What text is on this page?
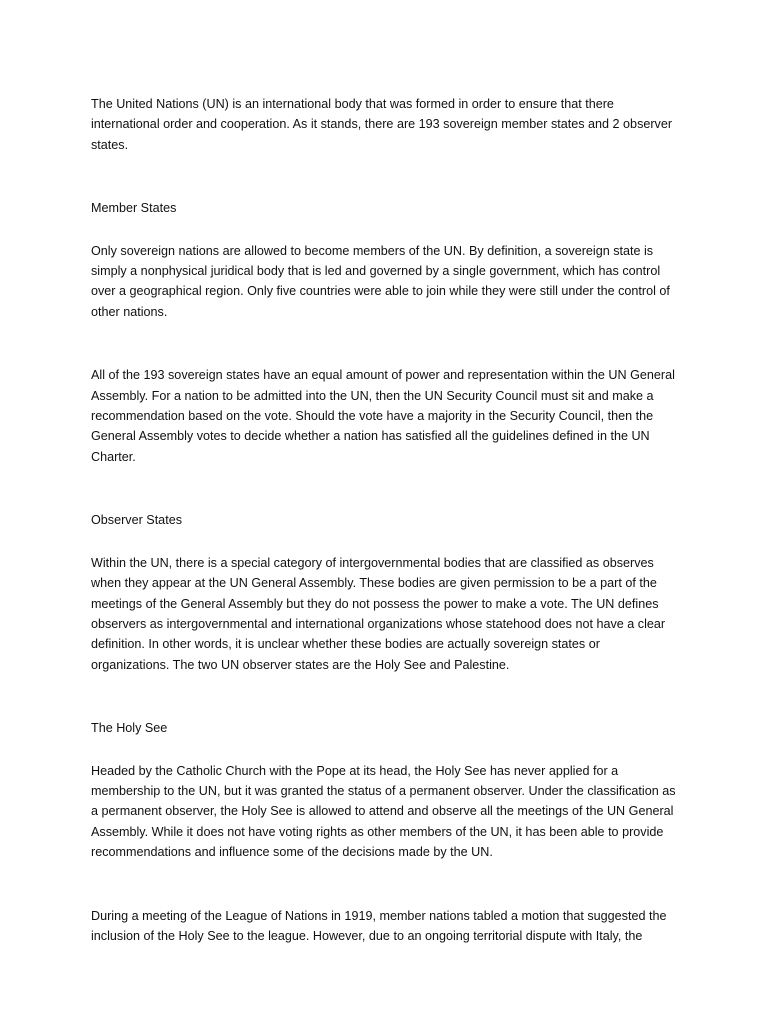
The United Nations (UN) is an international body that was formed in order to ensure that there international order and cooperation. As it stands, there are 193 sovereign member states and 2 observer states.

Member States

Only sovereign nations are allowed to become members of the UN. By definition, a sovereign state is simply a nonphysical juridical body that is led and governed by a single government, which has control over a geographical region. Only five countries were able to join while they were still under the control of other nations.

All of the 193 sovereign states have an equal amount of power and representation within the UN General Assembly. For a nation to be admitted into the UN, then the UN Security Council must sit and make a recommendation based on the vote. Should the vote have a majority in the Security Council, then the General Assembly votes to decide whether a nation has satisfied all the guidelines defined in the UN Charter.

Observer States

Within the UN, there is a special category of intergovernmental bodies that are classified as observes when they appear at the UN General Assembly. These bodies are given permission to be a part of the meetings of the General Assembly but they do not possess the power to make a vote. The UN defines observers as intergovernmental and international organizations whose statehood does not have a clear definition. In other words, it is unclear whether these bodies are actually sovereign states or organizations. The two UN observer states are the Holy See and Palestine.

The Holy See

Headed by the Catholic Church with the Pope at its head, the Holy See has never applied for a membership to the UN, but it was granted the status of a permanent observer. Under the classification as a permanent observer, the Holy See is allowed to attend and observe all the meetings of the UN General Assembly. While it does not have voting rights as other members of the UN, it has been able to provide recommendations and influence some of the decisions made by the UN.

During a meeting of the League of Nations in 1919, member nations tabled a motion that suggested the inclusion of the Holy See to the league. However, due to an ongoing territorial dispute with Italy, the
